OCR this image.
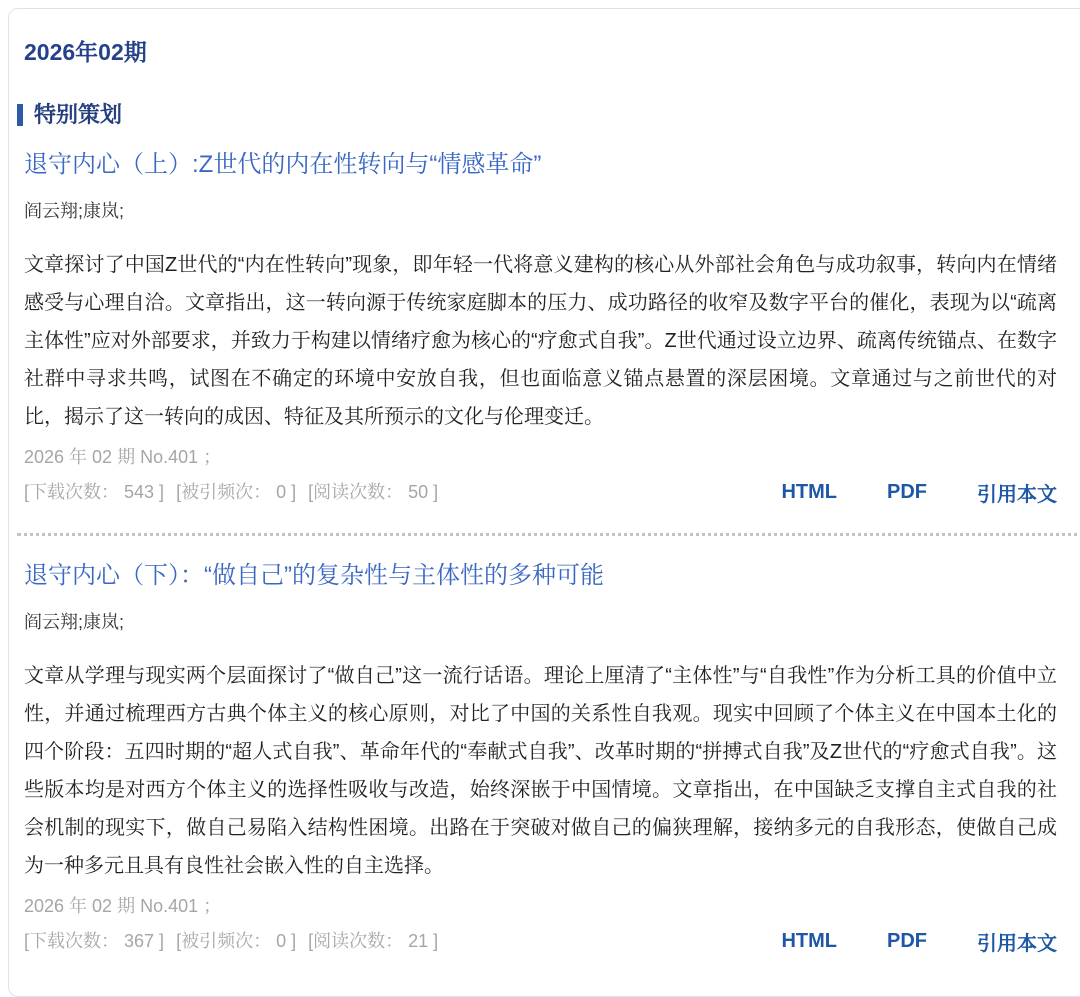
2026年02期
特别策划
退守内心（上）:Z世代的内在性转向与“情感革命”
阎云翔;康岚;
文章探讨了中国Z世代的“内在性转向”现象，即年轻一代将意义建构的核心从外部社会角色与成功叙事，转向内在情绪感受与心理自洽。文章指出，这一转向源于传统家庭脚本的压力、成功路径的收窄及数字平台的催化，表现为以“疏离主体性”应对外部要求，并致力于构建以情绪疗愈为核心的“疗愈式自我”。Z世代通过设立边界、疏离传统锚点、在数字社群中寻求共鸣，试图在不确定的环境中安放自我，但也面临意义锚点悬置的深层困境。文章通过与之前世代的对比，揭示了这一转向的成因、特征及其所预示的文化与伦理变迁。
2026 年 02 期 No.401 ；
[下载次数： 543 ] [被引频次： 0 ] [阅读次数： 50 ]	HTML	PDF	引用本文
退守内心（下）：“做自己”的复杂性与主体性的多种可能
阎云翔;康岚;
文章从学理与现实两个层面探讨了“做自己”这一流行话语。理论上厘清了“主体性”与“自我性”作为分析工具的价值中立性，并通过梳理西方古典个体主义的核心原则，对比了中国的关系性自我观。现实中回顾了个体主义在中国本土化的四个阶段：五四时期的“超人式自我”、革命年代的“奉献式自我”、改革时期的“拼搏式自我”及Z世代的“疗愈式自我”。这些版本均是对西方个体主义的选择性吸收与改造，始终深嵌于中国情境。文章指出，在中国缺乏支撑自主式自我的社会机制的现实下，做自己易陷入结构性困境。出路在于突破对做自己的偏狭理解，接纳多元的自我形态，使做自己成为一种多元且具有良性社会嵌入性的自主选择。
2026 年 02 期 No.401 ；
[下载次数： 367 ] [被引频次： 0 ] [阅读次数： 21 ]	HTML	PDF	引用本文
